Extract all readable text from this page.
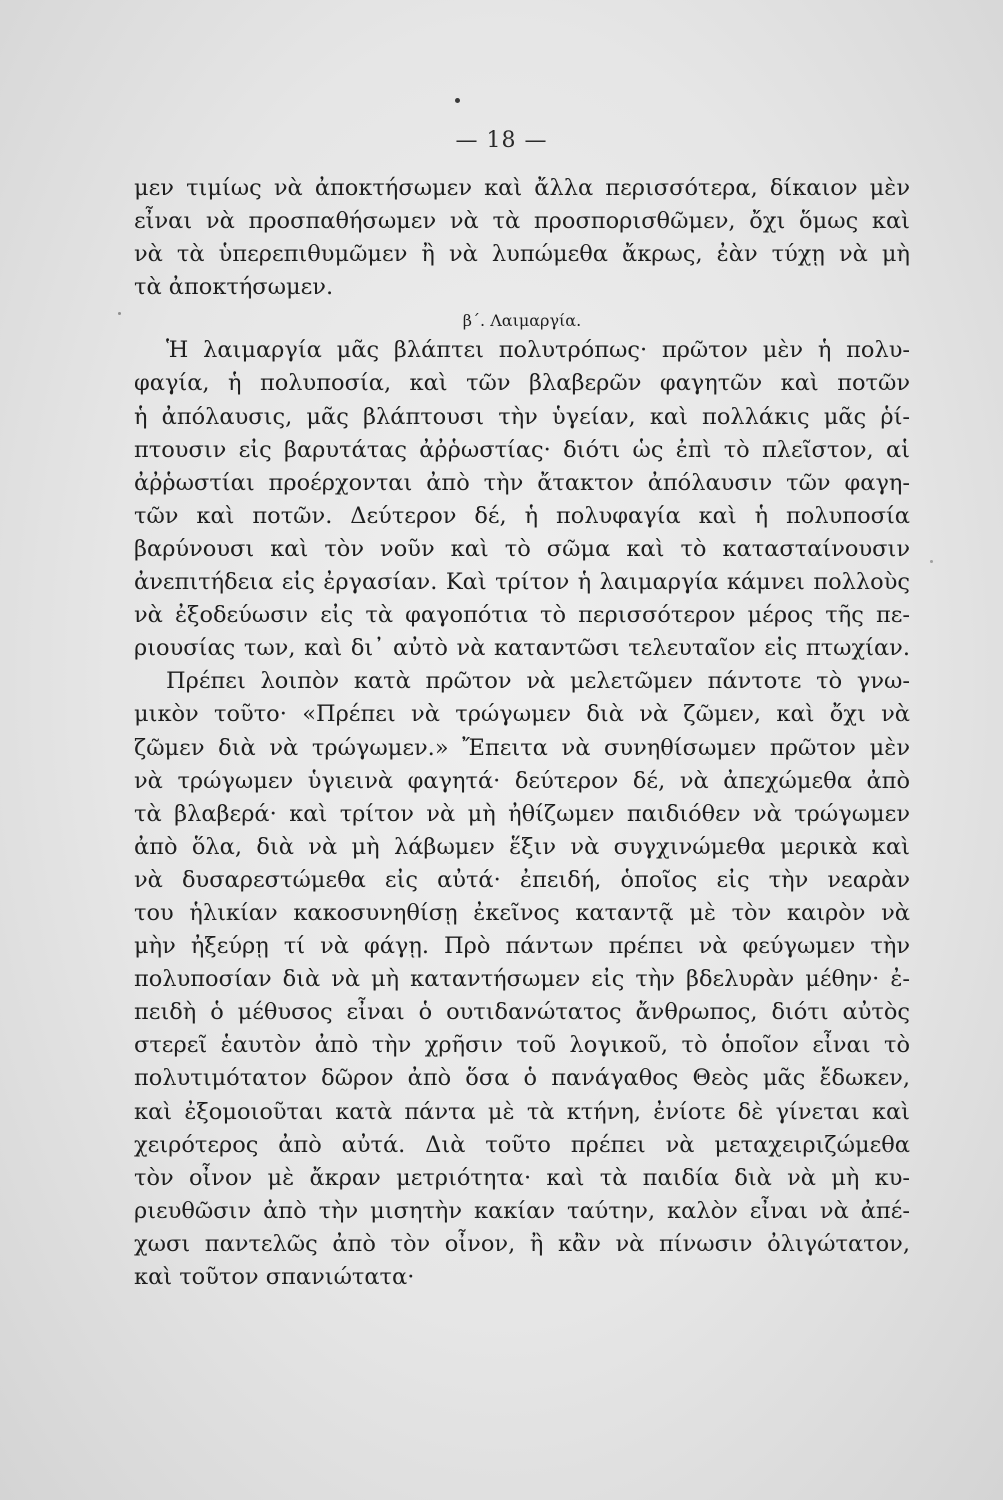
— 18 —
μεν τιμίως νὰ ἀποκτήσωμεν καὶ ἄλλα περισσότερα, δίκαιον μὲν
εἶναι νὰ προσπαθήσωμεν νὰ τὰ προσπορισθῶμεν, ὄχι ὅμως καὶ
νὰ τὰ ὑπερεπιθυμῶμεν ἢ νὰ λυπώμεθα ἄκρως, ἐὰν τύχῃ νὰ μὴ
τὰ ἀποκτήσωμεν.
β΄. Λαιμαργία.
Ἡ λαιμαργία μᾶς βλάπτει πολυτρόπως· πρῶτον μὲν ἡ πολυ-
φαγία, ἡ πολυποσία, καὶ τῶν βλαβερῶν φαγητῶν καὶ ποτῶν
ἡ ἀπόλαυσις, μᾶς βλάπτουσι τὴν ὑγείαν, καὶ πολλάκις μᾶς ῥί-
πτουσιν εἰς βαρυτάτας ἀῤῥωστίας· διότι ὡς ἐπὶ τὸ πλεῖστον, αἱ
ἀῤῥωστίαι προέρχονται ἀπὸ τὴν ἄτακτον ἀπόλαυσιν τῶν φαγη-
τῶν καὶ ποτῶν. Δεύτερον δέ, ἡ πολυφαγία καὶ ἡ πολυποσία
βαρύνουσι καὶ τὸν νοῦν καὶ τὸ σῶμα καὶ τὸ κατασταίνουσιν
ἀνεπιτήδεια εἰς ἐργασίαν. Καὶ τρίτον ἡ λαιμαργία κάμνει πολλοὺς
νὰ ἐξοδεύωσιν εἰς τὰ φαγοπότια τὸ περισσότερον μέρος τῆς πε-
ριουσίας των, καὶ δι᾽ αὐτὸ νὰ καταντῶσι τελευταῖον εἰς πτωχίαν.
Πρέπει λοιπὸν κατὰ πρῶτον νὰ μελετῶμεν πάντοτε τὸ γνω-
μικὸν τοῦτο· «Πρέπει νὰ τρώγωμεν διὰ νὰ ζῶμεν, καὶ ὄχι νὰ
ζῶμεν διὰ νὰ τρώγωμεν.» Ἔπειτα νὰ συνηθίσωμεν πρῶτον μὲν
νὰ τρώγωμεν ὑγιεινὰ φαγητά· δεύτερον δέ, νὰ ἀπεχώμεθα ἀπὸ
τὰ βλαβερά· καὶ τρίτον νὰ μὴ ἠθίζωμεν παιδιόθεν νὰ τρώγωμεν
ἀπὸ ὅλα, διὰ νὰ μὴ λάβωμεν ἕξιν νὰ συγχινώμεθα μερικὰ καὶ
νὰ δυσαρεστώμεθα εἰς αὐτά· ἐπειδή, ὁποῖος εἰς τὴν νεαρὰν
του ἡλικίαν κακοσυνηθίσῃ ἐκεῖνος καταντᾷ μὲ τὸν καιρὸν νὰ
μὴν ἠξεύρῃ τί νὰ φάγῃ. Πρὸ πάντων πρέπει νὰ φεύγωμεν τὴν
πολυποσίαν διὰ νὰ μὴ καταντήσωμεν εἰς τὴν βδελυρὰν μέθην· ἐ-
πειδὴ ὁ μέθυσος εἶναι ὁ ουτιδανώτατος ἄνθρωπος, διότι αὐτὸς
στερεῖ ἑαυτὸν ἀπὸ τὴν χρῆσιν τοῦ λογικοῦ, τὸ ὁποῖον εἶναι τὸ
πολυτιμότατον δῶρον ἀπὸ ὅσα ὁ πανάγαθος Θεὸς μᾶς ἔδωκεν,
καὶ ἐξομοιοῦται κατὰ πάντα μὲ τὰ κτήνη, ἐνίοτε δὲ γίνεται καὶ
χειρότερος ἀπὸ αὐτά. Διὰ τοῦτο πρέπει νὰ μεταχειριζώμεθα
τὸν οἶνον μὲ ἄκραν μετριότητα· καὶ τὰ παιδία διὰ νὰ μὴ κυ-
ριευθῶσιν ἀπὸ τὴν μισητὴν κακίαν ταύτην, καλὸν εἶναι νὰ ἀπέ-
χωσι παντελῶς ἀπὸ τὸν οἶνον, ἢ κἂν νὰ πίνωσιν ὀλιγώτατον,
καὶ τοῦτον σπανιώτατα·
